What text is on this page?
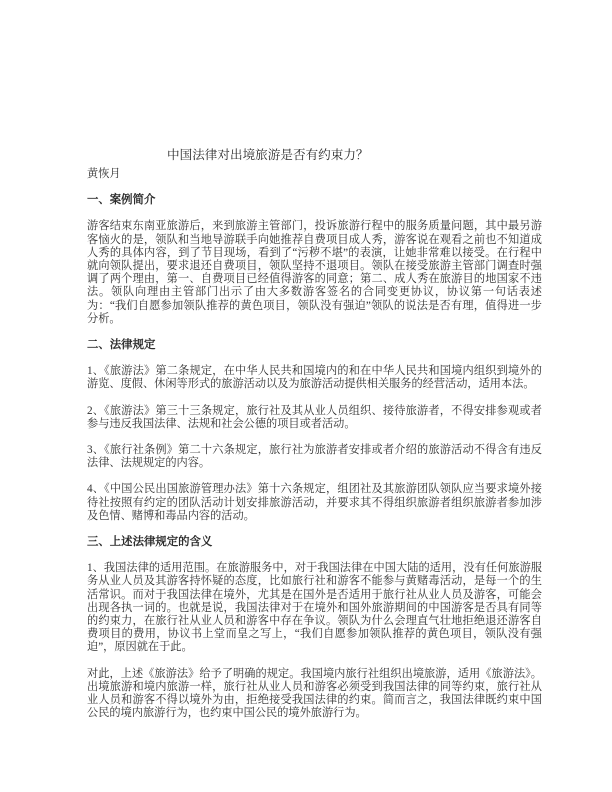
中国法律对出境旅游是否有约束力？
黄恢月
一、案例简介

游客结束东南亚旅游后，来到旅游主管部门，投诉旅游行程中的服务质量问题，其中最另游客恼火的是，领队和当地导游联手向她推荐自费项目成人秀，游客说在观看之前也不知道成人秀的具体内容，到了节目现场，看到了“污秽不堪”的表演，让她非常难以接受。在行程中就向领队提出，要求退还自费项目，领队坚持不退项目。领队在接受旅游主管部门调查时强调了两个理由，第一、自费项目已经值得游客的同意；第二、成人秀在旅游目的地国家不违法。领队向理由主管部门出示了由大多数游客签名的合同变更协议，协议第一句话表述为：“我们自愿参加领队推荐的黄色项目，领队没有强迫”领队的说法是否有理，值得进一步分析。

二、法律规定

1、《旅游法》第二条规定，在中华人民共和国境内的和在中华人民共和国境内组织到境外的游览、度假、休闲等形式的旅游活动以及为旅游活动提供相关服务的经营活动，适用本法。

2、《旅游法》第三十三条规定，旅行社及其从业人员组织、接待旅游者，不得安排参观或者参与违反我国法律、法规和社会公德的项目或者活动。

3、《旅行社条例》第二十六条规定，旅行社为旅游者安排或者介绍的旅游活动不得含有违反法律、法规规定的内容。

4、《中国公民出国旅游管理办法》第十六条规定，组团社及其旅游团队领队应当要求境外接待社按照有约定的团队活动计划安排旅游活动，并要求其不得组织旅游者组织旅游者参加涉及色情、赌博和毒品内容的活动。

三、上述法律规定的含义

1、我国法律的适用范围。在旅游服务中，对于我国法律在中国大陆的适用，没有任何旅游服务从业人员及其游客持怀疑的态度，比如旅行社和游客不能参与黄赌毒活动，是每一个的生活常识。而对于我国法律在境外，尤其是在国外是否适用于旅行社从业人员及游客，可能会出现各执一词的。也就是说，我国法律对于在境外和国外旅游期间的中国游客是否具有同等的约束力，在旅行社从业人员和游客中存在争议。领队为什么会理直气壮地拒绝退还游客自费项目的费用，协议书上堂而皇之写上，“我们自愿参加领队推荐的黄色项目，领队没有强迫”，原因就在于此。

对此，上述《旅游法》给予了明确的规定。我国境内旅行社组织出境旅游，适用《旅游法》。出境旅游和境内旅游一样，旅行社从业人员和游客必须受到我国法律的同等约束，旅行社从业人员和游客不得以境外为由，拒绝接受我国法律的约束。简而言之，我国法律既约束中国公民的境内旅游行为，也约束中国公民的境外旅游行为。
